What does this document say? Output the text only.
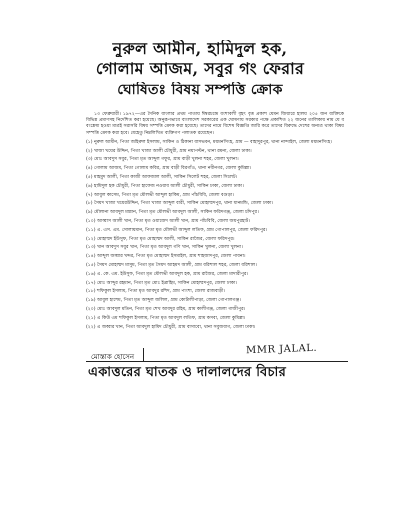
নুরুল আমীন, হামিদুল হক,
গোলাম আজম, সবুর গং ফেরার
ঘোষিতঃ বিষয় সম্পত্তি ক্রোক

১৩ ফেব্রুয়ারী। ১৯৭২—এর দৈনিক বাংলার প্রথম পাতায় ঈশ্বরচন্দ্রে বংশাবলী বৃহৎ বৃত্ত প্রকাশ যেমন জিয়ারে হালয় ২০৫ জন ব্যক্তিকে বিভিন্ন প্রমাণসহ নির্দেশিত করা হয়েছে। অনুরূপভাবে বাংলাদেশ সরকারের এক ঘোষণায় সরকার পক্ষে প্রকাশিত ২২ জনের তালিকায় নাম যে ব বংশ্লেষ্য হওয়া মাত্রই সরাসরি বিষয় সম্পত্তি ক্রোক করা হয়েছে। তাদের নামে বিশেষ বিজ্ঞপ্তি জারি করে তাদের বিরুদ্ধে দেশের অন্যত্র থাকা বিষয় সম্পত্তি ক্রোক করা হবে। যেহেতু নিম্নলিখিত ব্যক্তিগণ পলাতক রয়েছেন।

(১) নুরুল আমীন, পিতা জহিরুল ইসলাম, সাকিন ও ঠিকানা বাসভবন, ময়মনসিংহ, গ্রাম — বাহাদুরপুর, থানা নান্দাইল, জেলা ময়মনসিংহ।

(২) খাজা খয়ের উদ্দিন, পিতা খাজা আলী চৌধুরী, গ্রাম নয়াপল্টন, থানা রমনা, জেলা ঢাকা।

(৩) মোঃ আবদুস সবুর, পিতা মৃত আব্দুল গফুর, গ্রাম বাড়ী খুলনা শহর, জেলা খুলনা।

(৪) গোলাম আজম, পিতা গোলাম কবির, গ্রাম বাড়ী বিরগাঁও, থানা নবীনগর, জেলা কুমিল্লা।

(৫) মাহমুদ আলী, পিতা কাজী আফজাল আলী, সাকিন সিলেট শহর, জেলা সিলেট।

(৬) হামিদুল হক চৌধুরী, পিতা হাফেজ নওয়াব আলী চৌধুরী, সাকিন ঢাকা, জেলা ঢাকা।

(৭) আবুল কাসেম, পিতা মৃত মৌলভী আব্দুল হাকিম, গ্রাম পাঁচবিবি, জেলা বগুড়া।

(৮) সৈয়দ খাজা খয়েরউদ্দিন, পিতা খাজা আব্দুল বারী, সাকিন মোহাম্মদপুর, থানা ধানমন্ডি, জেলা ঢাকা।

(৯) মৌলানা আবদুল মান্নান, পিতা মৃত মৌলভী আবদুল আলী, সাকিন ফরিদগঞ্জ, জেলা চাঁদপুর।

(১০) আব্বাস আলী খান, পিতা মৃত ওয়াজেদ আলী খান, গ্রাম পাঁচবিবি, জেলা জয়পুরহাট।

(১১) এ. এস. এম. সোলায়মান, পিতা মৃত মৌলভী আব্দুল লতিফ, গ্রাম গোপালপুর, জেলা ফরিদপুর।

(১২) মোহাম্মদ ইউসুফ, পিতা মৃত মোহাম্মদ আলী, সাকিন রাজৈর, জেলা ফরিদপুর।

(১৩) খান আবদুস সবুর খান, পিতা মৃত আবদুল গণি খান, সাকিন খুলনা, জেলা খুলনা।

(১৪) আব্দুল জব্বার খদ্দর, পিতা মৃত মোহাম্মদ ইসমাইল, গ্রাম শাহজাদপুর, জেলা পাবনা।

(১৫) সৈয়দ মোহাম্মদ মাসুম, পিতা মৃত সৈয়দ আহমদ আলী, গ্রাম বরিশাল শহর, জেলা বরিশাল।

(১৬) এ. কে. এম. ইউসুফ, পিতা মৃত মৌলভী আবদুল হক, গ্রাম রাজৈর, জেলা মাদারীপুর।

(১৭) মোঃ আব্দুর রহমান, পিতা মৃত মোঃ ইব্রাহিম, সাকিন মোহাম্মদপুর, জেলা ঢাকা।

(১৮) শফিকুল ইসলাম, পিতা মৃত আবদুর রশিদ, গ্রাম পাংশা, জেলা রাজবাড়ী।

(১৯) আবুল হাশেম, পিতা মৃত আব্দুল জলিল, গ্রাম কোটালীপাড়া, জেলা গোপালগঞ্জ।

(২০) মোঃ আবদুল মতিন, পিতা মৃত শেখ আবদুর রহিম, গ্রাম কালীগঞ্জ, জেলা গাজীপুর।

(২১) এ কিউ এম শফিকুল ইসলাম, পিতা মৃত আবদুল লতিফ, গ্রাম কসবা, জেলা কুমিল্লা।

(২২) এ জব্বার খান, পিতা আবদুল হামিদ চৌধুরী, গ্রাম বাসাবো, থানা সবুজবাগ, জেলা ঢাকা।

MMR JALAL.
মোস্তাক হোসেন
একাত্তরের ঘাতক ও দালালদের বিচার
